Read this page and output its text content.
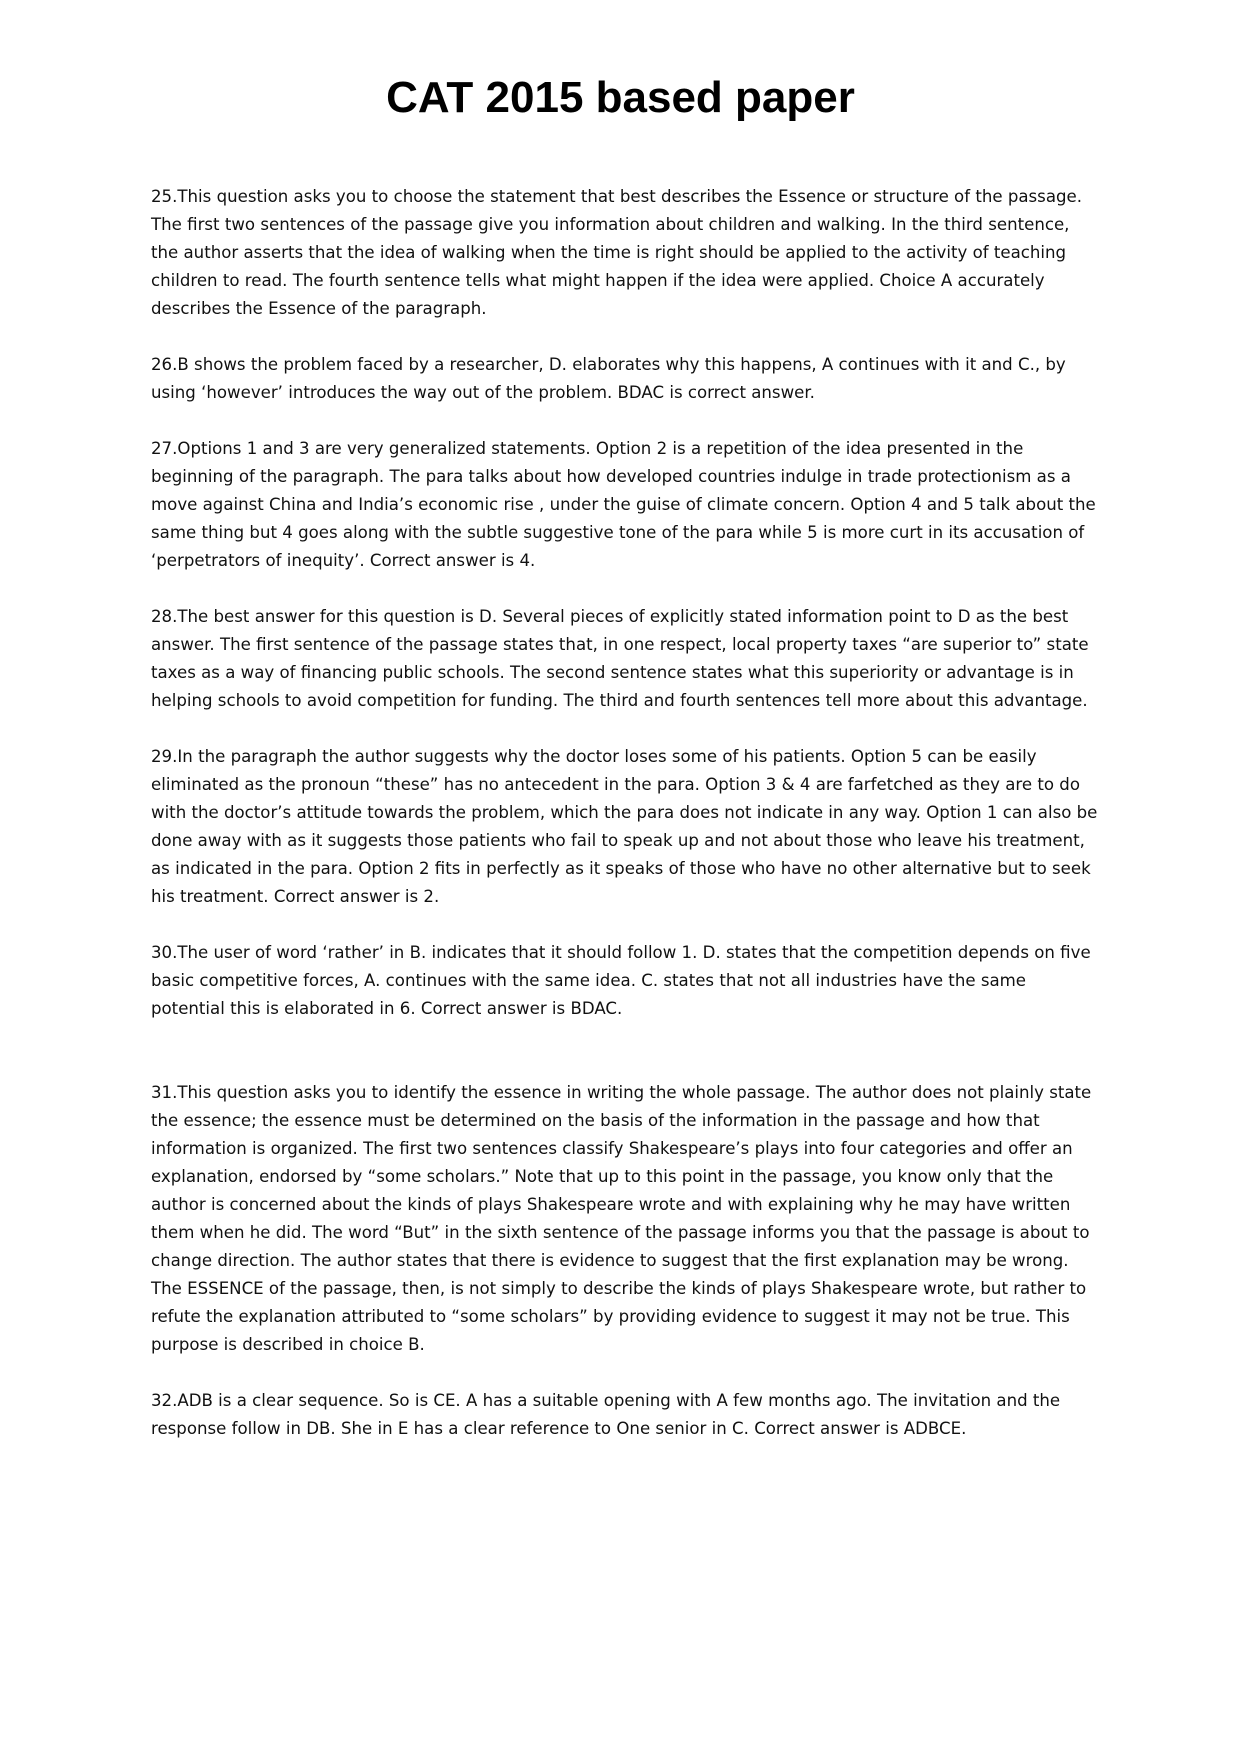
CAT 2015 based paper

25.This question asks you to choose the statement that best describes the Essence or structure of the passage. The first two sentences of the passage give you information about children and walking. In the third sentence, the author asserts that the idea of walking when the time is right should be applied to the activity of teaching children to read. The fourth sentence tells what might happen if the idea were applied. Choice A accurately describes the Essence of the paragraph.

26.B shows the problem faced by a researcher, D. elaborates why this happens, A continues with it and C., by using ‘however’ introduces the way out of the problem. BDAC is correct answer.

27.Options 1 and 3 are very generalized statements. Option 2 is a repetition of the idea presented in the beginning of the paragraph. The para talks about how developed countries indulge in trade protectionism as a move against China and India’s economic rise , under the guise of climate concern. Option 4 and 5 talk about the same thing but 4 goes along with the subtle suggestive tone of the para while 5 is more curt in its accusation of ‘perpetrators of inequity’. Correct answer is 4.

28.The best answer for this question is D. Several pieces of explicitly stated information point to D as the best answer. The first sentence of the passage states that, in one respect, local property taxes “are superior to” state taxes as a way of financing public schools. The second sentence states what this superiority or advantage is in helping schools to avoid competition for funding. The third and fourth sentences tell more about this advantage.

29.In the paragraph the author suggests why the doctor loses some of his patients. Option 5 can be easily eliminated as the pronoun “these” has no antecedent in the para. Option 3 & 4 are farfetched as they are to do with the doctor’s attitude towards the problem, which the para does not indicate in any way. Option 1 can also be done away with as it suggests those patients who fail to speak up and not about those who leave his treatment, as indicated in the para. Option 2 fits in perfectly as it speaks of those who have no other alternative but to seek his treatment. Correct answer is 2.

30.The user of word ‘rather’ in B. indicates that it should follow 1. D. states that the competition depends on five basic competitive forces, A. continues with the same idea. C. states that not all industries have the same potential this is elaborated in 6. Correct answer is BDAC.

31.This question asks you to identify the essence in writing the whole passage. The author does not plainly state the essence; the essence must be determined on the basis of the information in the passage and how that information is organized. The first two sentences classify Shakespeare’s plays into four categories and offer an explanation, endorsed by “some scholars.” Note that up to this point in the passage, you know only that the author is concerned about the kinds of plays Shakespeare wrote and with explaining why he may have written them when he did. The word “But” in the sixth sentence of the passage informs you that the passage is about to change direction. The author states that there is evidence to suggest that the first explanation may be wrong. The ESSENCE of the passage, then, is not simply to describe the kinds of plays Shakespeare wrote, but rather to refute the explanation attributed to “some scholars” by providing evidence to suggest it may not be true. This purpose is described in choice B.

32.ADB is a clear sequence. So is CE. A has a suitable opening with A few months ago. The invitation and the response follow in DB. She in E has a clear reference to One senior in C. Correct answer is ADBCE.
